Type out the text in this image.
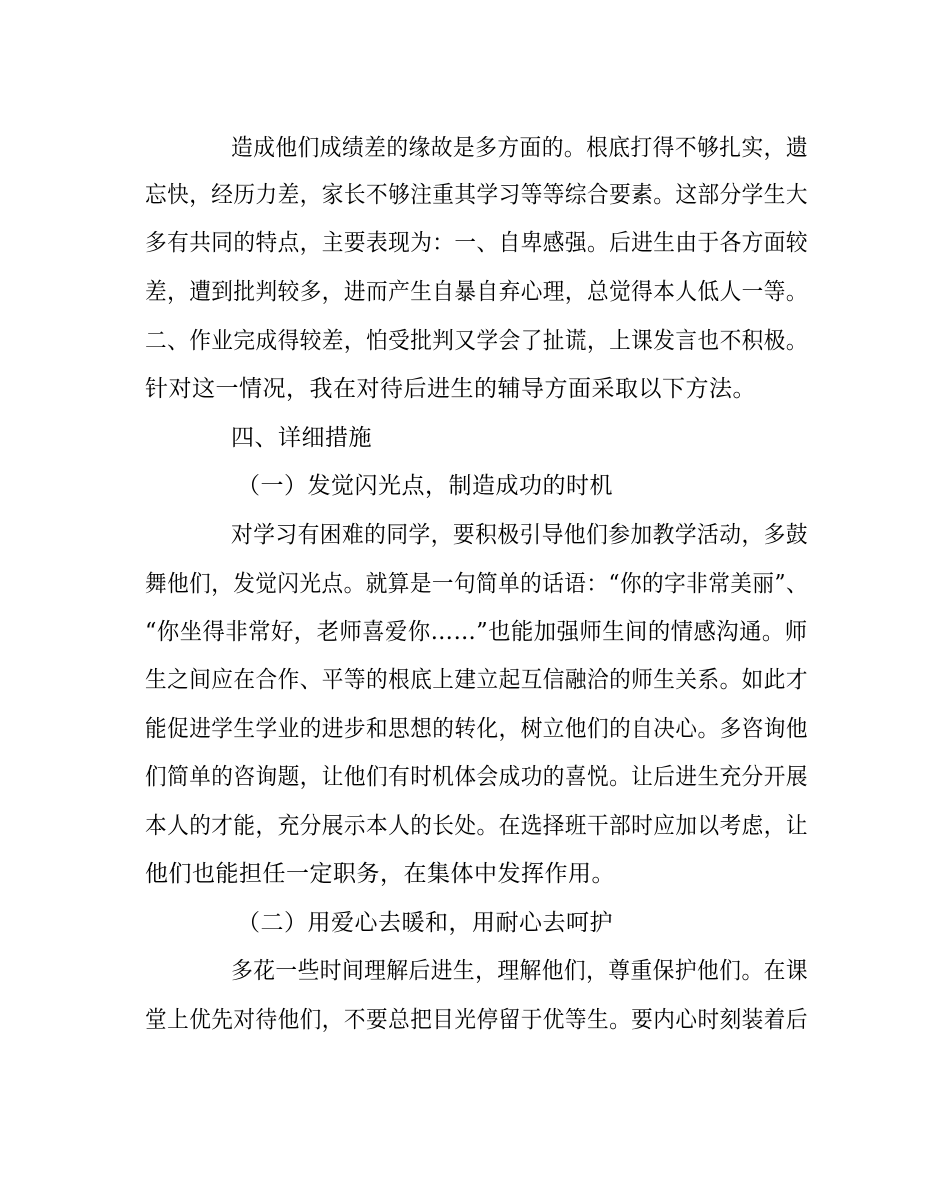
造成他们成绩差的缘故是多方面的。根底打得不够扎实，遗
忘快，经历力差，家长不够注重其学习等等综合要素。这部分学生大
多有共同的特点，主要表现为：一、自卑感强。后进生由于各方面较
差，遭到批判较多，进而产生自暴自弃心理，总觉得本人低人一等。
二、作业完成得较差，怕受批判又学会了扯谎，上课发言也不积极。
针对这一情况，我在对待后进生的辅导方面采取以下方法。
四、详细措施
（一）发觉闪光点，制造成功的时机
对学习有困难的同学，要积极引导他们参加教学活动，多鼓
舞他们，发觉闪光点。就算是一句简单的话语：“你的字非常美丽”、
“你坐得非常好，老师喜爱你……”也能加强师生间的情感沟通。师
生之间应在合作、平等的根底上建立起互信融洽的师生关系。如此才
能促进学生学业的进步和思想的转化，树立他们的自决心。多咨询他
们简单的咨询题，让他们有时机体会成功的喜悦。让后进生充分开展
本人的才能，充分展示本人的长处。在选择班干部时应加以考虑，让
他们也能担任一定职务，在集体中发挥作用。
（二）用爱心去暖和，用耐心去呵护
多花一些时间理解后进生，理解他们，尊重保护他们。在课
堂上优先对待他们，不要总把目光停留于优等生。要内心时刻装着后
